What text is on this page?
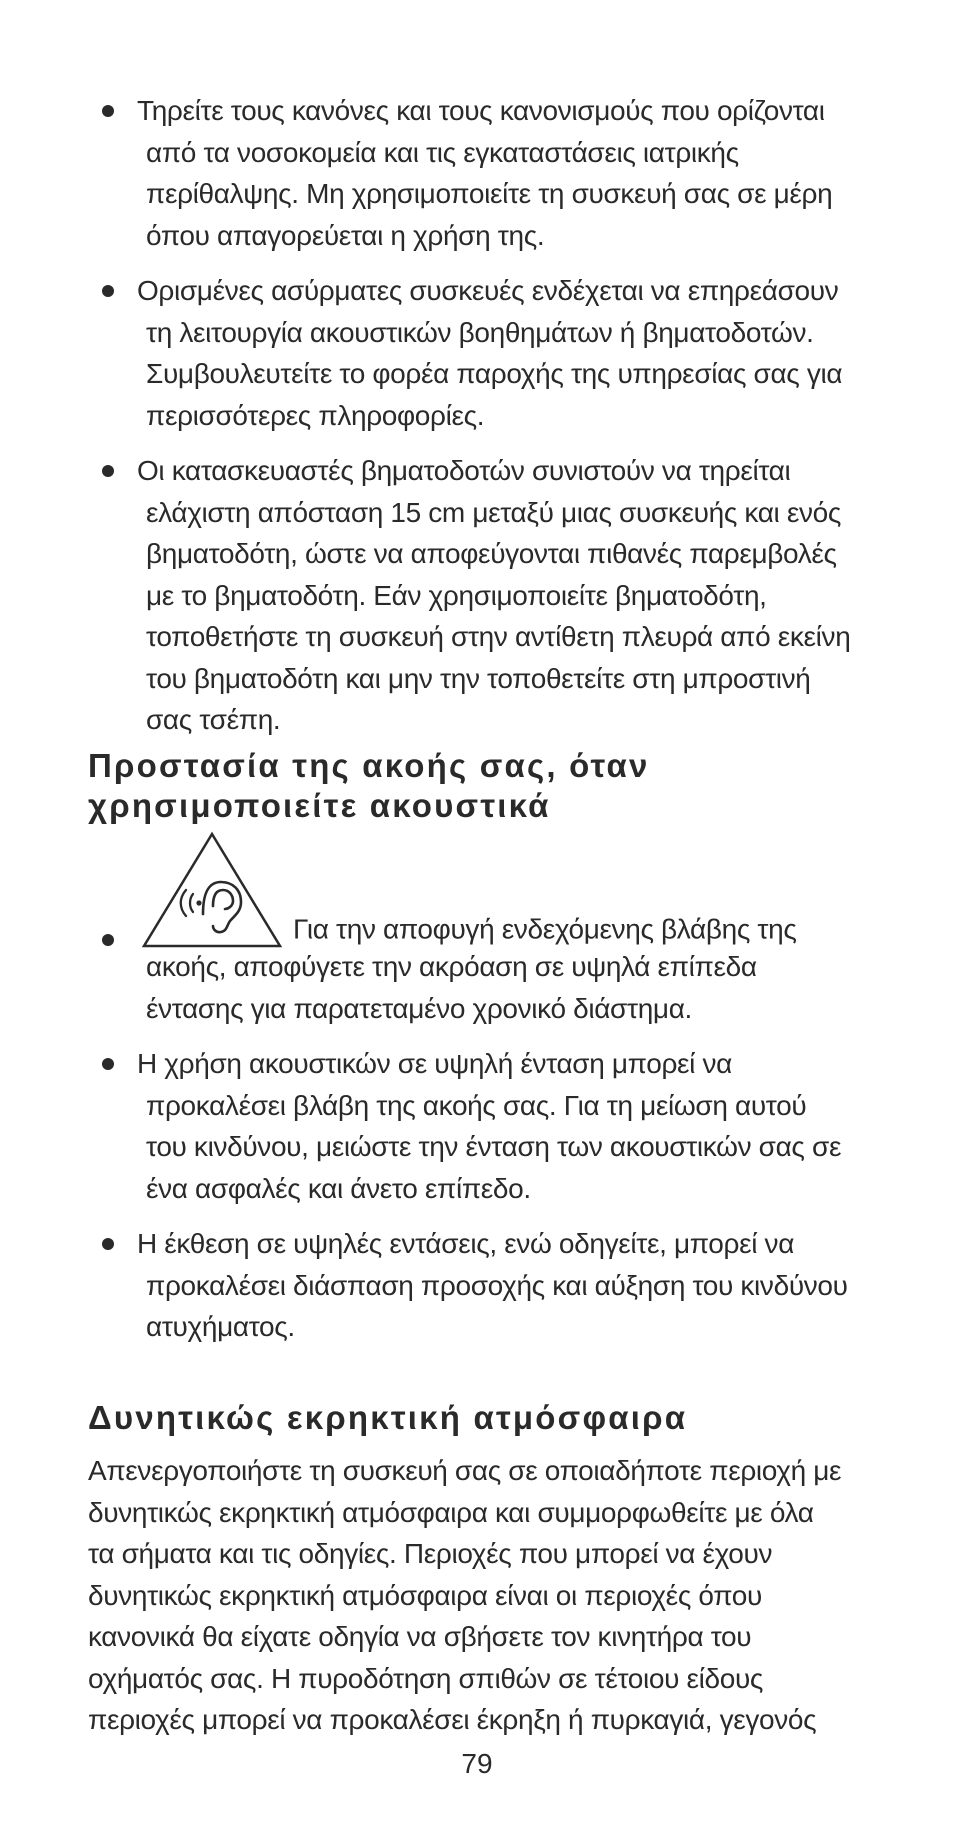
Τηρείτε τους κανόνες και τους κανονισμούς που ορίζονται
από τα νοσοκομεία και τις εγκαταστάσεις ιατρικής
περίθαλψης. Μη χρησιμοποιείτε τη συσκευή σας σε μέρη
όπου απαγορεύεται η χρήση της.
Ορισμένες ασύρματες συσκευές ενδέχεται να επηρεάσουν
τη λειτουργία ακουστικών βοηθημάτων ή βηματοδοτών.
Συμβουλευτείτε το φορέα παροχής της υπηρεσίας σας για
περισσότερες πληροφορίες.
Οι κατασκευαστές βηματοδοτών συνιστούν να τηρείται
ελάχιστη απόσταση 15 cm μεταξύ μιας συσκευής και ενός
βηματοδότη, ώστε να αποφεύγονται πιθανές παρεμβολές
με το βηματοδότη. Εάν χρησιμοποιείτε βηματοδότη,
τοποθετήστε τη συσκευή στην αντίθετη πλευρά από εκείνη
του βηματοδότη και μην την τοποθετείτε στη μπροστινή
σας τσέπη.
Προστασία της ακοής σας, όταν
χρησιμοποιείτε ακουστικά
Για την αποφυγή ενδεχόμενης βλάβης της
ακοής, αποφύγετε την ακρόαση σε υψηλά επίπεδα
έντασης για παρατεταμένο χρονικό διάστημα.
Η χρήση ακουστικών σε υψηλή ένταση μπορεί να
προκαλέσει βλάβη της ακοής σας. Για τη μείωση αυτού
του κινδύνου, μειώστε την ένταση των ακουστικών σας σε
ένα ασφαλές και άνετο επίπεδο.
Η έκθεση σε υψηλές εντάσεις, ενώ οδηγείτε, μπορεί να
προκαλέσει διάσπαση προσοχής και αύξηση του κινδύνου
ατυχήματος.
Δυνητικώς εκρηκτική ατμόσφαιρα
Απενεργοποιήστε τη συσκευή σας σε οποιαδήποτε περιοχή με
δυνητικώς εκρηκτική ατμόσφαιρα και συμμορφωθείτε με όλα
τα σήματα και τις οδηγίες. Περιοχές που μπορεί να έχουν
δυνητικώς εκρηκτική ατμόσφαιρα είναι οι περιοχές όπου
κανονικά θα είχατε οδηγία να σβήσετε τον κινητήρα του
οχήματός σας. Η πυροδότηση σπιθών σε τέτοιου είδους
περιοχές μπορεί να προκαλέσει έκρηξη ή πυρκαγιά, γεγονός
79
